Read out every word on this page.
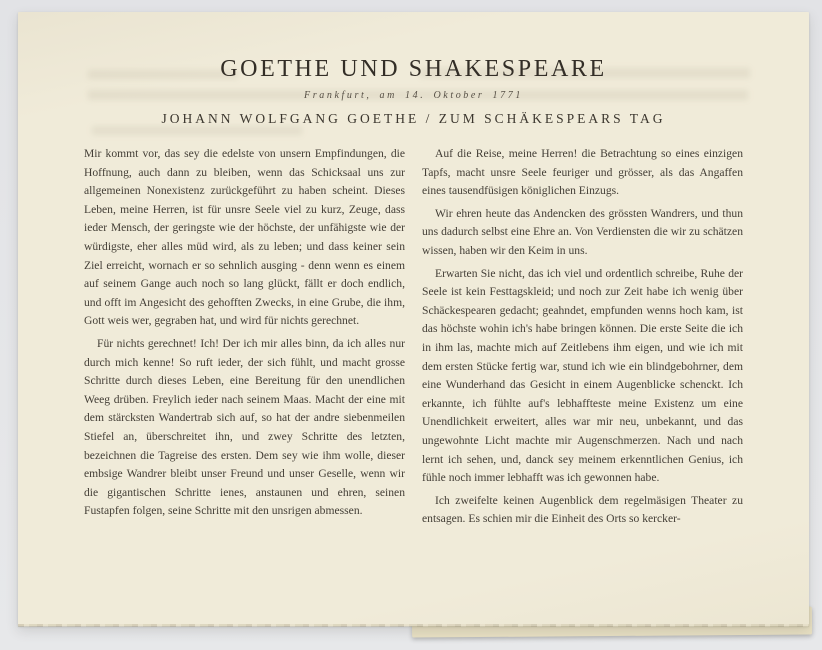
GOETHE UND SHAKESPEARE
Frankfurt, am 14. Oktober 1771
JOHANN WOLFGANG GOETHE / ZUM SCHÄKESPEARS TAG

Mir kommt vor, das sey die edelste von unsern Empfindungen, die Hoffnung, auch dann zu bleiben, wenn das Schicksaal uns zur allgemeinen Nonexistenz zurückgeführt zu haben scheint. Dieses Leben, meine Herren, ist für unsre Seele viel zu kurz, Zeuge, dass ieder Mensch, der geringste wie der höchste, der unfähigste wie der würdigste, eher alles müd wird, als zu leben; und dass keiner sein Ziel erreicht, wornach er so sehnlich ausging - denn wenn es einem auf seinem Gange auch noch so lang glückt, fällt er doch endlich, und offt im Angesicht des gehofften Zwecks, in eine Grube, die ihm, Gott weis wer, gegraben hat, und wird für nichts gerechnet.

Für nichts gerechnet! Ich! Der ich mir alles binn, da ich alles nur durch mich kenne! So ruft ieder, der sich fühlt, und macht grosse Schritte durch dieses Leben, eine Bereitung für den unendlichen Weeg drüben. Freylich ieder nach seinem Maas. Macht der eine mit dem stärcksten Wandertrab sich auf, so hat der andre siebenmeilen Stiefel an, überschreitet ihn, und zwey Schritte des letzten, bezeichnen die Tagreise des ersten. Dem sey wie ihm wolle, dieser embsige Wandrer bleibt unser Freund und unser Geselle, wenn wir die gigantischen Schritte ienes, anstaunen und ehren, seinen Fustapfen folgen, seine Schritte mit den unsrigen abmessen.

Auf die Reise, meine Herren! die Betrachtung so eines einzigen Tapfs, macht unsre Seele feuriger und grösser, als das Angaffen eines tausendfüsigen königlichen Einzugs.

Wir ehren heute das Andencken des grössten Wandrers, und thun uns dadurch selbst eine Ehre an. Von Verdiensten die wir zu schätzen wissen, haben wir den Keim in uns.

Erwarten Sie nicht, das ich viel und ordentlich schreibe, Ruhe der Seele ist kein Festtagskleid; und noch zur Zeit habe ich wenig über Schäckespearen gedacht; geahndet, empfunden wenns hoch kam, ist das höchste wohin ich's habe bringen können. Die erste Seite die ich in ihm las, machte mich auf Zeitlebens ihm eigen, und wie ich mit dem ersten Stücke fertig war, stund ich wie ein blindgebohrner, dem eine Wunderhand das Gesicht in einem Augenblicke schenckt. Ich erkannte, ich fühlte auf's lebhaffteste meine Existenz um eine Unendlichkeit erweitert, alles war mir neu, unbekannt, und das ungewohnte Licht machte mir Augenschmerzen. Nach und nach lernt ich sehen, und, danck sey meinem erkenntlichen Genius, ich fühle noch immer lebhafft was ich gewonnen habe.

Ich zweifelte keinen Augenblick dem regelmäsigen Theater zu entsagen. Es schien mir die Einheit des Orts so kercker-
